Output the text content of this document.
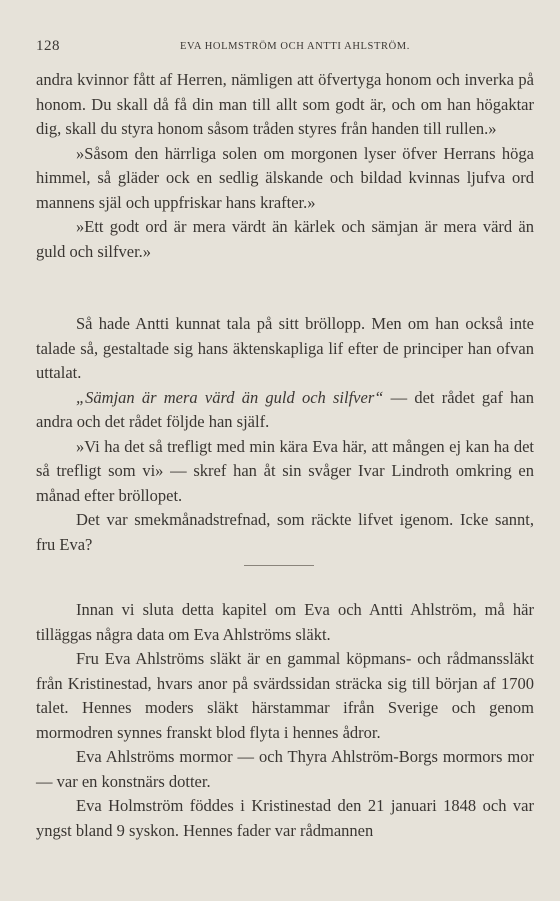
128	EVA HOLMSTRÖM OCH ANTTI AHLSTRÖM.

andra kvinnor fått af Herren, nämligen att öfvertyga honom och inverka på honom. Du skall då få din man till allt som godt är, och om han högaktar dig, skall du styra honom såsom tråden styres från handen till rullen.»

»Såsom den härrliga solen om morgonen lyser öfver Herrans höga himmel, så gläder ock en sedlig älskande och bildad kvinnas ljufva ord mannens själ och uppfriskar hans krafter.»

»Ett godt ord är mera värdt än kärlek och sämjan är mera värd än guld och silfver.»

Så hade Antti kunnat tala på sitt bröllopp. Men om han också inte talade så, gestaltade sig hans äktenskapliga lif efter de principer han ofvan uttalat.

„Sämjan är mera värd än guld och silfver“ — det rådet gaf han andra och det rådet följde han själf.

»Vi ha det så trefligt med min kära Eva här, att mången ej kan ha det så trefligt som vi» — skref han åt sin svåger Ivar Lindroth omkring en månad efter bröllopet.

Det var smekmånadstrefnad, som räckte lifvet igenom. Icke sannt, fru Eva?

Innan vi sluta detta kapitel om Eva och Antti Ahlström, må här tilläggas några data om Eva Ahlströms släkt.

Fru Eva Ahlströms släkt är en gammal köpmans- och rådmanssläkt från Kristinestad, hvars anor på svärdssidan sträcka sig till början af 1700 talet. Hennes moders släkt härstammar ifrån Sverige och genom mormodren synnes franskt blod flyta i hennes ådror.

Eva Ahlströms mormor — och Thyra Ahlström-Borgs mormors mor — var en konstnärs dotter.

Eva Holmström föddes i Kristinestad den 21 januari 1848 och var yngst bland 9 syskon. Hennes fader var rådmannen
